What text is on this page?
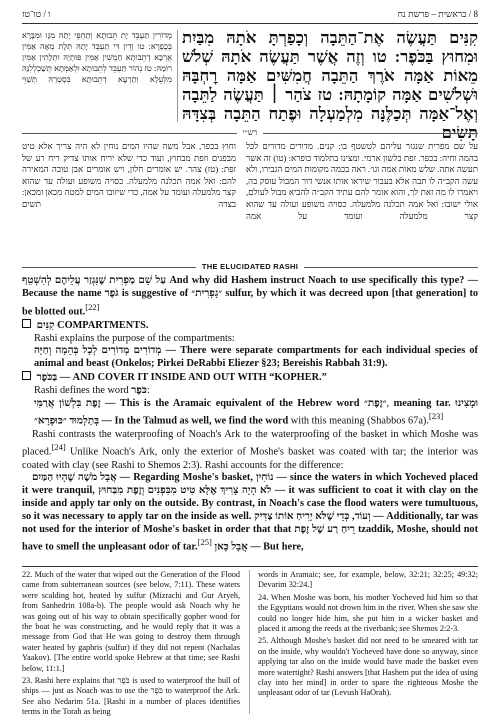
8 / בראשית – פרשת נח
ו / טו־טז
קִנִּים תַּעֲשֶׂה אֶת־הַתֵּבָה וְכָפַרְתָּ אֹתָהּ מִבַּיִת וּמִחוּץ בַּכֹּפֶר: טו וְזֶה אֲשֶׁר תַּעֲשֶׂה אֹתָהּ שְׁלֹשׁ מֵאוֹת אַמָּה אֹרֶךְ הַתֵּבָה חֲמִשִּׁים אַמָּה רׇחְבָּהּ וּשְׁלֹשִׁים אַמָּה קוֹמָתָהּ: טז צֹהַר ׀ תַּעֲשֶׂה לַתֵּבָה וְאֶל־אַמָּה תְּכַלֶּנָּה מִלְמַעְלָה וּפֶתַח הַתֵּבָה בְּצִדָּהּ תָּשִׂים
מְדוֹרִין תַּעְבֵּד יָת תֵּבוּתָא וְתַחְפֵּי יָתַהּ מִגָּו וּמִבָּרָא בְּכֻפְרָא: טו וְדֵין דִּי תַעְבֵּד יָתַהּ תְּלָת מְאָה אַמִּין אֻרְכָּא דְתֵבוּתָא חַמְשִׁין אַמִּין פּוּתְיַהּ וּתְלָתִין אַמִּין רוּמַהּ: טז נְהוֹר תַּעְבֵּד לְתֵבוּתָא וּלְאַמְּתָא תְּשַׁכְלְלִנַּהּ מִלְּעֵלָא וְתַרְעָא דְתֵבוּתָא בִּסְטְרַהּ תְּשַׁוֵּי
רש״י
על שם מפרית שנגזר עליהם לטשטף בו: קנים. מדורים מדורים לכל בהמה וחיה: בכפר. זפת בלשון ארמי. ומצינו בתלמוד כופרא: (טו) זה אשר תעשה אתה. שלש מאות אמה וגו׳. ראה בכמה מקומות המים הגבירו, ולא עשה הקב״ה לו תבה אלא בעבור שיראו אותו אנשי דור המבול עוסק בה, ויאמרו לו מה זאת לך, והוא אומר להם עתיד הקב״ה להביא מבול לעולם, אולי ישובו: ואל אמה תכלנה מלמעלה. כסויה משופע ועולה עד שהוא קצר מלמעלה ועומד על אמה
וחוץ בכפר, אבל משה שהיו המים נוחין לא היה צריך אלא טיט מבפנים וזפת מבחוץ, ועוד כדי שלא יריח אותו צדיק ריח רע של זפת: (טז) צהר. יש אומרים חלון, ויש אומרים אבן טובה המאירה להם: ואל אמה תכלנה מלמעלה. כסויה משופע ועולה עד שהוא קצר מלמעלה ועומד על אמה, כדי שיזובו המים למטה מכאן ומכאן: בצדה תשים
THE ELUCIDATED RASHI

עַל שֵׁם מַפְרִית שֶׁנִּגְזַר עֲלֵיהֶם לְהִשְׁטֵף And why did Hashem instruct Noach to use specifically this type? — Because the name גֹּפֶר is suggestive of ״גָפְרִית״ sulfur, by which it was decreed upon [that generation] to be blotted out.[22]

קִנִּים COMPARTMENTS.

Rashi explains the purpose of the compartments:

מְדוֹרִים מְדוֹרִים לְכָל בְּהֵמָה וְחַיָּה — There were separate compartments for each individual species of animal and beast (Onkelos; Pirkei DeRabbi Eliezer §23; Bereishis Rabbah 31:9).

בַּכֹּפֶר — AND COVER IT INSIDE AND OUT WITH “KOPHER.”

Rashi defines the word כֹּפֶר:

זֶפֶת בִּלְשׁוֹן אֲרַמִּי — This is the Aramaic equivalent of the Hebrew word ״זֶפֶת״, meaning tar. וּמָצִינוּ בְּתַלְמוּד ״כּוּפְרָא״ — In the Talmud as well, we find the word with this meaning (Shabbos 67a).[23]

Rashi contrasts the waterproofing of Noach's Ark to the waterproofing of the basket in which Moshe was placed.[24] Unlike Noach's Ark, only the exterior of Moshe's basket was coated with tar; the interior was coated with clay (see Rashi to Shemos 2:3). Rashi accounts for the difference:

אֲבָל מֹשֶׁה שֶׁהָיוּ הַמַּיִם — Regarding Moshe's basket, נוֹחִין — since the waters in which Yocheved placed it were tranquil, לֹא הָיָה צָרִיךְ אֶלָּא טִיט מִבִּפְנִים וְזֶפֶת מִבַּחוּץ — it was sufficient to coat it with clay on the inside and apply tar only on the outside. By contrast, in Noach's case the flood waters were tumultuous, so it was necessary to apply tar on the inside as well. וְעוֹד, כְּדֵי שֶׁלֹּא יָרִיחַ אוֹתוֹ צַדִּיק — Additionally, tar was not used for the interior of Moshe's basket in order that that רֵיחַ רַע שֶׁל זֶפֶת tzaddik, Moshe, should not have to smell the unpleasant odor of tar.[25] אֲבָל כָּאן — But here,

22. Much of the water that wiped out the Generation of the Flood came from subterranean sources (see below, 7:11). These waters were scalding hot, heated by sulfur (Mizrachi and Gur Aryeh, from Sanhedrin 108a-b). The people would ask Noach why he was going out of his way to obtain specifically gopher wood for the boat he was constructing, and he would reply that it was a message from God that He was going to destroy them through water heated by gaphris (sulfur) if they did not repent (Nachalas Yaakov). [The entire world spoke Hebrew at that time; see Rashi below, 11:1.]

23. Rashi here explains that כֹּפֶר is used to waterproof the hull of ships — just as Noach was to use the כֹּפֶר to waterproof the Ark. See also Nedarim 51a. [Rashi in a number of places identifies terms in the Torah as being

words in Aramaic; see, for example, below, 32:21; 32:25; 49:32; Devarim 32:24.]

24. When Moshe was born, his mother Yocheved hid him so that the Egyptians would not drown him in the river. When she saw she could no longer hide him, she put him in a wicker basket and placed it among the reeds at the riverbank; see Shemos 2:2-3.

25. Although Moshe's basket did not need to be smeared with tar on the inside, why wouldn't Yocheved have done so anyway, since applying tar also on the inside would have made the basket even more watertight? Rashi answers [that Hashem put the idea of using clay into her mind] in order to spare the righteous Moshe the unpleasant odor of tar (Levush HaOrah).
